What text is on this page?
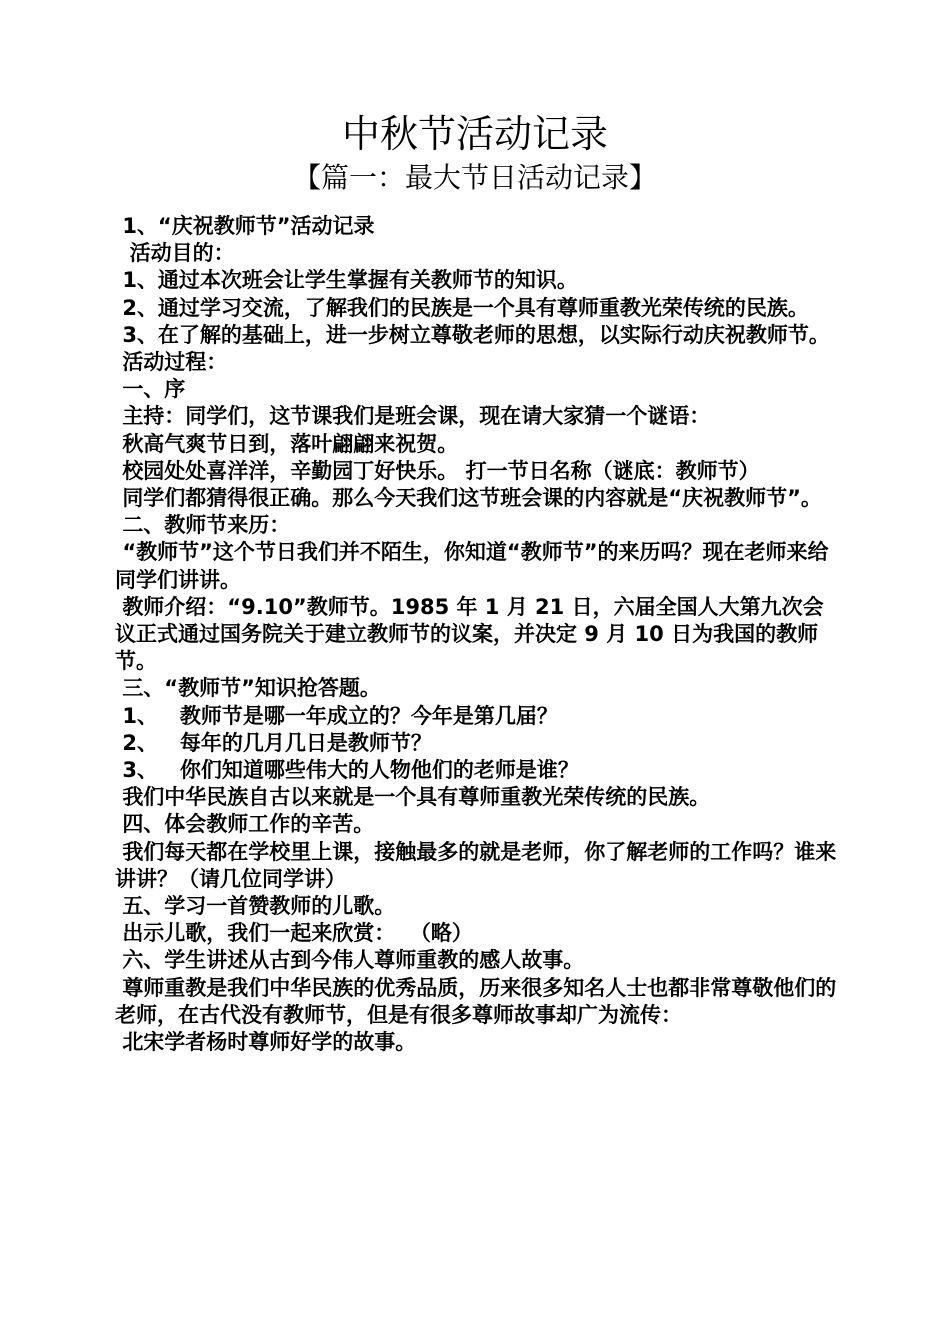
中秋节活动记录
【篇一：最大节日活动记录】

1、“庆祝教师节”活动记录

活动目的：

1、通过本次班会让学生掌握有关教师节的知识。

2、通过学习交流，了解我们的民族是一个具有尊师重教光荣传统的民族。

3、在了解的基础上，进一步树立尊敬老师的思想，以实际行动庆祝教师节。

活动过程：

一、序

主持：同学们，这节课我们是班会课，现在请大家猜一个谜语：

秋高气爽节日到，落叶翩翩来祝贺。

校园处处喜洋洋，辛勤园丁好快乐。 打一节日名称（谜底：教师节）

同学们都猜得很正确。那么今天我们这节班会课的内容就是“庆祝教师节”。

二、教师节来历：

“教师节”这个节日我们并不陌生，你知道“教师节”的来历吗？现在老师来给同学们讲讲。

教师介绍：“9.10”教师节。1985 年 1 月 21 日，六届全国人大第九次会议正式通过国务院关于建立教师节的议案，并决定 9 月 10 日为我国的教师节。

三、“教师节”知识抢答题。

1、   教师节是哪一年成立的？今年是第几届？

2、   每年的几月几日是教师节？

3、   你们知道哪些伟大的人物他们的老师是谁？

我们中华民族自古以来就是一个具有尊师重教光荣传统的民族。

四、体会教师工作的辛苦。

我们每天都在学校里上课，接触最多的就是老师，你了解老师的工作吗？谁来讲讲？（请几位同学讲）

五、学习一首赞教师的儿歌。

出示儿歌，我们一起来欣赏：  （略）

六、学生讲述从古到今伟人尊师重教的感人故事。

尊师重教是我们中华民族的优秀品质，历来很多知名人士也都非常尊敬他们的老师，在古代没有教师节，但是有很多尊师故事却广为流传：

北宋学者杨时尊师好学的故事。
